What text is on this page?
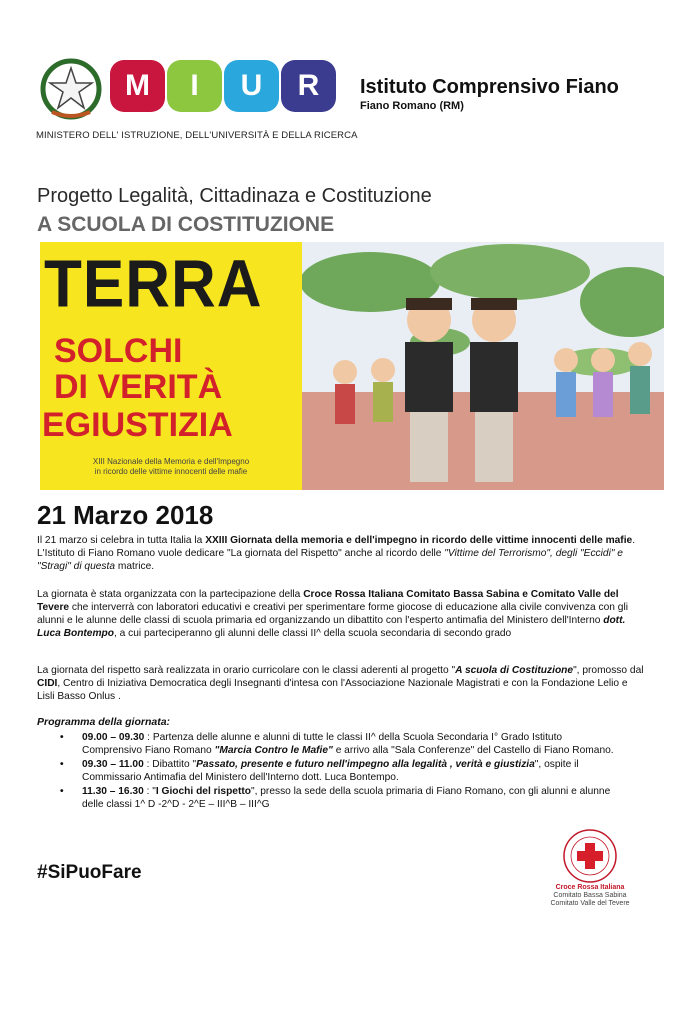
M	I	U	R
MINISTERO DELL' ISTRUZIONE, DELL'UNIVERSITÀ E DELLA RICERCA
Istituto Comprensivo Fiano
Fiano Romano (RM)
Progetto Legalità, Cittadinaza e Costituzione
A SCUOLA DI COSTITUZIONE
TERRA
SOLCHI
DI VERITÀ
EGIUSTIZIA
XIII Nazionale della Memoria e dell'Impegno
in ricordo delle vittime innocenti delle mafie
21 Marzo 2018
Il 21 marzo si celebra in tutta Italia la XXIII Giornata della memoria e dell'impegno in ricordo delle vittime innocenti delle mafie. L'Istituto di Fiano Romano vuole dedicare "La giornata del Rispetto" anche al ricordo delle "Vittime del Terrorismo", degli "Eccidi" e "Stragi" di questa matrice.
La giornata è stata organizzata con la partecipazione della Croce Rossa Italiana Comitato Bassa Sabina e Comitato Valle del Tevere che interverrà con laboratori educativi e creativi per sperimentare forme giocose di educazione alla civile convivenza con gli alunni e le alunne delle classi di scuola primaria ed organizzando un dibattito con l'esperto antimafia del Ministero dell'Interno dott. Luca Bontempo, a cui parteciperanno gli alunni delle classi II^ della scuola secondaria di secondo grado
La giornata del rispetto sarà realizzata in orario curricolare con le classi aderenti al progetto "A scuola di Costituzione", promosso dal CIDI, Centro di Iniziativa Democratica degli Insegnanti d'intesa con l'Associazione Nazionale Magistrati e con la Fondazione Lelio e Lisli Basso Onlus .
Programma della giornata:
• 09.00 – 09.30 : Partenza delle alunne e alunni di tutte le classi II^ della Scuola Secondaria I° Grado Istituto Comprensivo Fiano Romano "Marcia Contro le Mafie" e arrivo alla "Sala Conferenze" del Castello di Fiano Romano.
• 09.30 – 11.00 : Dibattito "Passato, presente e futuro nell'impegno alla legalità , verità e giustizia", ospite il Commissario Antimafia del Ministero dell'Interno dott. Luca Bontempo.
• 11.30 – 16.30 : "I Giochi del rispetto", presso la sede della scuola primaria di Fiano Romano, con gli alunni e alunne delle classi 1^ D -2^D - 2^E – III^B – III^G
#SiPuoFare
Croce Rossa Italiana
Comitato Bassa Sabina
Comitato Valle del Tevere
